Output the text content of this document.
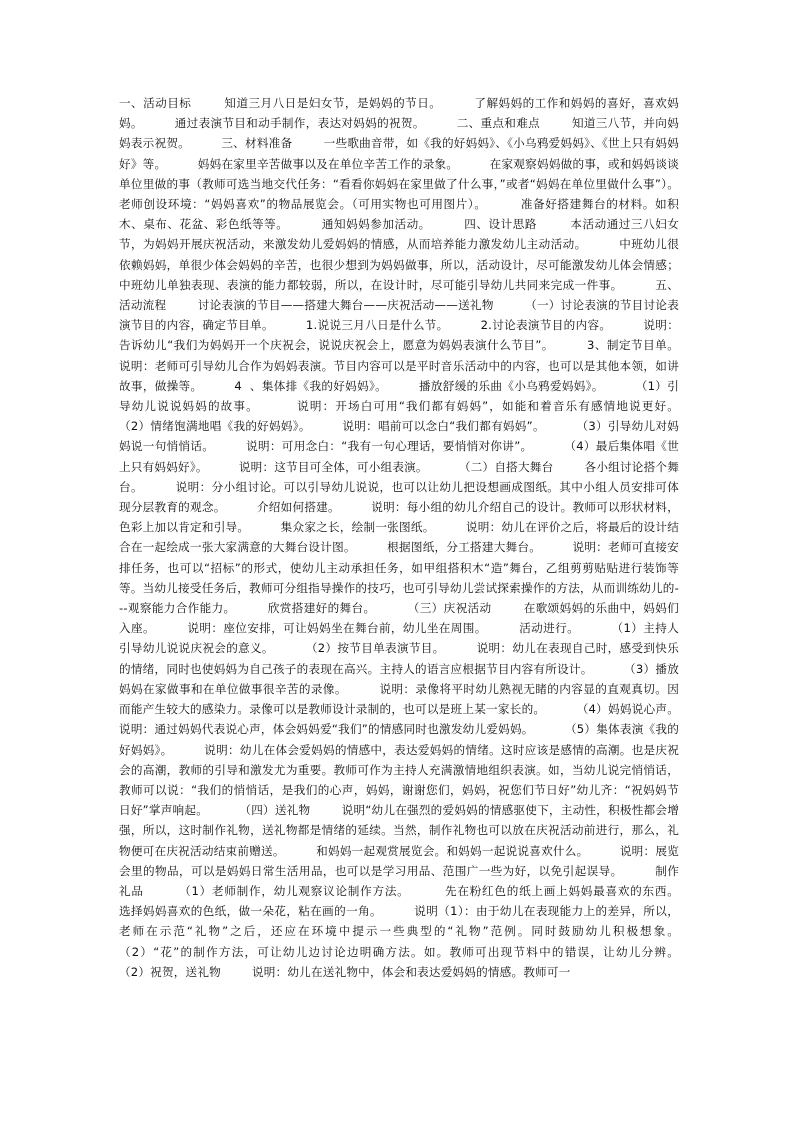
一、活动目标        知道三月八日是妇女节，是妈妈的节日。        了解妈妈的工作和妈妈的喜好，喜欢妈妈。        通过表演节目和动手制作，表达对妈妈的祝贺。        二、重点和难点        知道三八节，并向妈妈表示祝贺。        三、材料准备        一些歌曲音带，如《我的好妈妈》、《小乌鸦爱妈妈》、《世上只有妈妈好》等。        妈妈在家里辛苦做事以及在单位辛苦工作的录象。        在家观察妈妈做的事，或和妈妈谈谈单位里做的事（教师可选当地交代任务：“看看你妈妈在家里做了什么事，”或者“妈妈在单位里做什么事”）。        老师创设环境：“妈妈喜欢”的物品展览会。（可用实物也可用图片）。        准备好搭建舞台的材料。如积木、桌布、花盆、彩色纸等等。        通知妈妈参加活动。        四、设计思路        本活动通过三八妇女节，为妈妈开展庆祝活动，来激发幼儿爱妈妈的情感，从而培养能力激发幼儿主动活动。        中班幼儿很依赖妈妈，单很少体会妈妈的辛苦，也很少想到为妈妈做事，所以，活动设计，尽可能激发幼儿体会情感；中班幼儿单独表现、表演的能力都较弱，所以，在设计时，尽可能引导幼儿共同来完成一件事。        五、活动流程        讨论表演的节目——搭建大舞台——庆祝活动——送礼物        （一）讨论表演的节目讨论表演节目的内容，确定节目单。        1.说说三月八日是什么节。        2.讨论表演节目的内容。        说明：告诉幼儿“我们为妈妈开一个庆祝会，说说庆祝会上，愿意为妈妈表演什么节目”。        3、制定节目单。        说明：老师可引导幼儿合作为妈妈表演。节目内容可以是平时音乐活动中的内容，也可以是其他本领，如讲故事，做操等。        4  、集体排《我的好妈妈》。        播放舒缓的乐曲《小乌鸦爱妈妈》。        （1）引导幼儿说说妈妈的故事。        说明：开场白可用“我们都有妈妈”，如能和着音乐有感情地说更好。        （2）情绪饱满地唱《我的好妈妈》。        说明：唱前可以念白“我们都有妈妈”。        （3）引导幼儿对妈妈说一句悄悄话。        说明：可用念白：“我有一句心理话，要悄悄对你讲”。        （4）最后集体唱《世上只有妈妈好》。        说明：这节目可全体，可小组表演。        （二）自搭大舞台        各小组讨论搭个舞台。        说明：分小组讨论。可以引导幼儿说说，也可以让幼儿把设想画成图纸。其中小组人员安排可体现分层教育的观念。        介绍如何搭建。        说明：每小组的幼儿介绍自己的设计。教师可以形状材料，色彩上加以肯定和引导。        集众家之长，绘制一张图纸。        说明：幼儿在评价之后，将最后的设计结合在一起绘成一张大家满意的大舞台设计图。        根据图纸，分工搭建大舞台。        说明：老师可直接安排任务，也可以“招标”的形式，使幼儿主动承担任务，如甲组搭积木“造”舞台，乙组剪剪贴贴进行装饰等等。当幼儿接受任务后，教师可分组指导操作的技巧，也可引导幼儿尝试探索操作的方法，从而训练幼儿的---观察能力合作能力。        欣赏搭建好的舞台。        （三）庆祝活动        在歌颂妈妈的乐曲中，妈妈们入座。        说明：座位安排，可让妈妈坐在舞台前，幼儿坐在周围。        活动进行。        （1）主持人引导幼儿说说庆祝会的意义。        （2）按节目单表演节目。        说明：幼儿在表现自己时，感受到快乐的情绪，同时也使妈妈为自己孩子的表现在高兴。主持人的语言应根据节目内容有所设计。        （3）播放妈妈在家做事和在单位做事很辛苦的录像。        说明：录像将平时幼儿熟视无睹的内容显的直观真切。因而能产生较大的感染力。录像可以是教师设计录制的，也可以是班上某一家长的。        （4）妈妈说心声。        说明：通过妈妈代表说心声，体会妈妈爱“我们”的情感同时也激发幼儿爱妈妈。        （5）集体表演《我的好妈妈》。        说明：幼儿在体会爱妈妈的情感中，表达爱妈妈的情绪。这时应该是感情的高潮。也是庆祝会的高潮，教师的引导和激发尤为重要。教师可作为主持人充满激情地组织表演。如，当幼儿说完悄悄话，教师可以说：“我们的悄悄话，是我们的心声，妈妈，谢谢您们，妈妈，祝您们节日好”幼儿齐：“祝妈妈节日好”掌声响起。        （四）送礼物        说明“幼儿在强烈的爱妈妈的情感驱使下，主动性，积极性都会增强，所以，这时制作礼物，送礼物都是情绪的延续。当然，制作礼物也可以放在庆祝活动前进行，那么，礼物便可在庆祝活动结束前赠送。        和妈妈一起观赏展览会。和妈妈一起说说喜欢什么。        说明：展览会里的物品，可以是妈妈日常生活用品，也可以是学习用品、范围广一些为好，以免引起误导。        制作礼品        （1）老师制作，幼儿观察议论制作方法。        先在粉红色的纸上画上妈妈最喜欢的东西。        选择妈妈喜欢的色纸，做一朵花，粘在画的一角。        说明（1）：由于幼儿在表现能力上的差异，所以，老师在示范“礼物”之后，还应在环境中提示一些典型的“礼物”范例。同时鼓励幼儿积极想象。        （2）“花”的制作方法，可让幼儿边讨论边明确方法。如。教师可出现节料中的错误，让幼儿分辨。        （2）祝贺，送礼物        说明：幼儿在送礼物中，体会和表达爱妈妈的情感。教师可一
